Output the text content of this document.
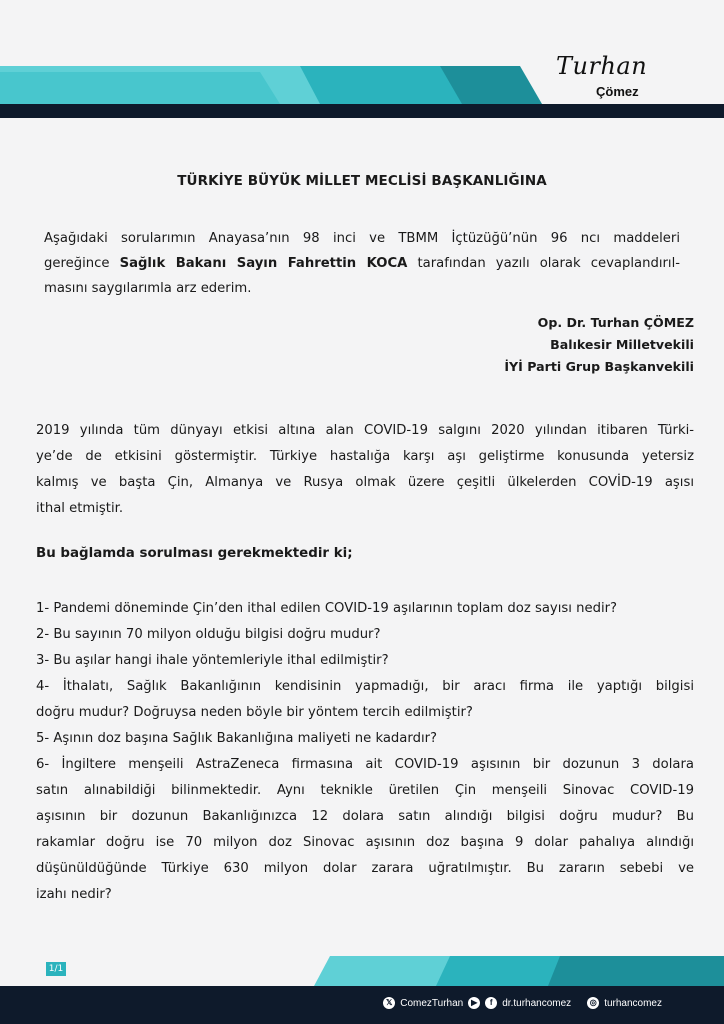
Turhan
Çömez
TÜRKİYE BÜYÜK MİLLET MECLİSİ BAŞKANLIĞINA
Aşağıdaki sorularımın Anayasa’nın 98 inci ve TBMM İçtüzüğü’nün 96 ncı maddeleri
gereğince Sağlık Bakanı Sayın Fahrettin KOCA tarafından yazılı olarak cevaplandırıl-
masını saygılarımla arz ederim.
Op. Dr. Turhan ÇÖMEZ
Balıkesir Milletvekili
İYİ Parti Grup Başkanvekili
2019 yılında tüm dünyayı etkisi altına alan COVID-19 salgını 2020 yılından itibaren Türki-
ye’de de etkisini göstermiştir. Türkiye hastalığa karşı aşı geliştirme konusunda yetersiz
kalmış ve başta Çin, Almanya ve Rusya olmak üzere çeşitli ülkelerden COVİD-19 aşısı
ithal etmiştir.
Bu bağlamda sorulması gerekmektedir ki;
1- Pandemi döneminde Çin’den ithal edilen COVID-19 aşılarının toplam doz sayısı nedir?
2- Bu sayının 70 milyon olduğu bilgisi doğru mudur?
3- Bu aşılar hangi ihale yöntemleriyle ithal edilmiştir?
4- İthalatı, Sağlık Bakanlığının kendisinin yapmadığı, bir aracı firma ile yaptığı bilgisi
doğru mudur? Doğruysa neden böyle bir yöntem tercih edilmiştir?
5- Aşının doz başına Sağlık Bakanlığına maliyeti ne kadardır?
6- İngiltere menşeili AstraZeneca firmasına ait COVID-19 aşısının bir dozunun 3 dolara
satın alınabildiği bilinmektedir. Aynı teknikle üretilen Çin menşeili Sinovac COVID-19
aşısının bir dozunun Bakanlığınızca 12 dolara satın alındığı bilgisi doğru mudur? Bu
rakamlar doğru ise 70 milyon doz Sinovac aşısının doz başına 9 dolar pahalıya alındığı
düşünüldüğünde Türkiye 630 milyon dolar zarara uğratılmıştır. Bu zararın sebebi ve
izahı nedir?
1/1
𝕏 ComezTurhan ▶	f dr.turhancomez	◎ turhancomez
